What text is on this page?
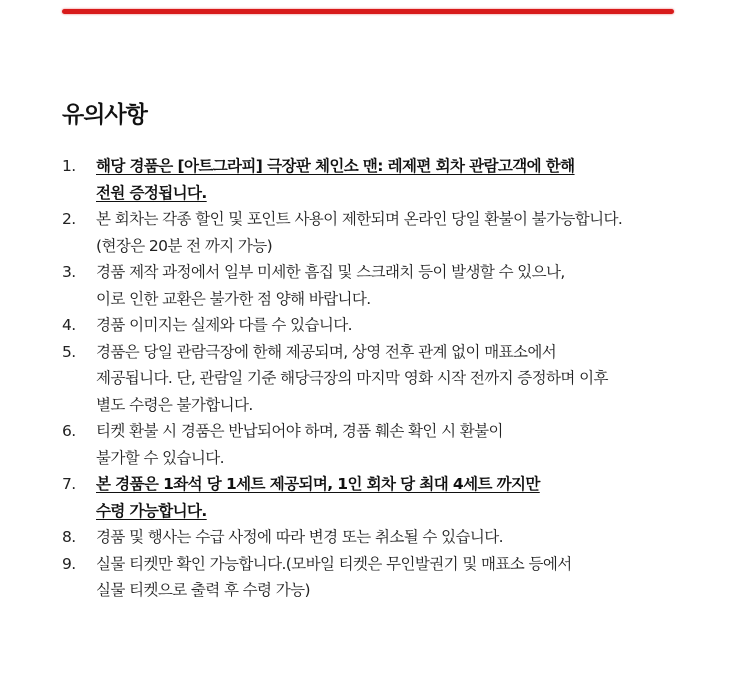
유의사항
1.	해당 경품은 [아트그라피] 극장판 체인소 맨: 레제편 회차 관람고객에 한해
전원 증정됩니다.
2.	본 회차는 각종 할인 및 포인트 사용이 제한되며 온라인 당일 환불이 불가능합니다.
(현장은 20분 전 까지 가능)
3.	경품 제작 과정에서 일부 미세한 흠집 및 스크래치 등이 발생할 수 있으나,
이로 인한 교환은 불가한 점 양해 바랍니다.
4.	경품 이미지는 실제와 다를 수 있습니다.
5.	경품은 당일 관람극장에 한해 제공되며, 상영 전후 관계 없이 매표소에서
제공됩니다. 단, 관람일 기준 해당극장의 마지막 영화 시작 전까지 증정하며 이후
별도 수령은 불가합니다.
6.	티켓 환불 시 경품은 반납되어야 하며, 경품 훼손 확인 시 환불이
불가할 수 있습니다.
7.	본 경품은 1좌석 당 1세트 제공되며, 1인 회차 당 최대 4세트 까지만
수령 가능합니다.
8.	경품 및 행사는 수급 사정에 따라 변경 또는 취소될 수 있습니다.
9.	실물 티켓만 확인 가능합니다.(모바일 티켓은 무인발권기 및 매표소 등에서
실물 티켓으로 출력 후 수령 가능)
